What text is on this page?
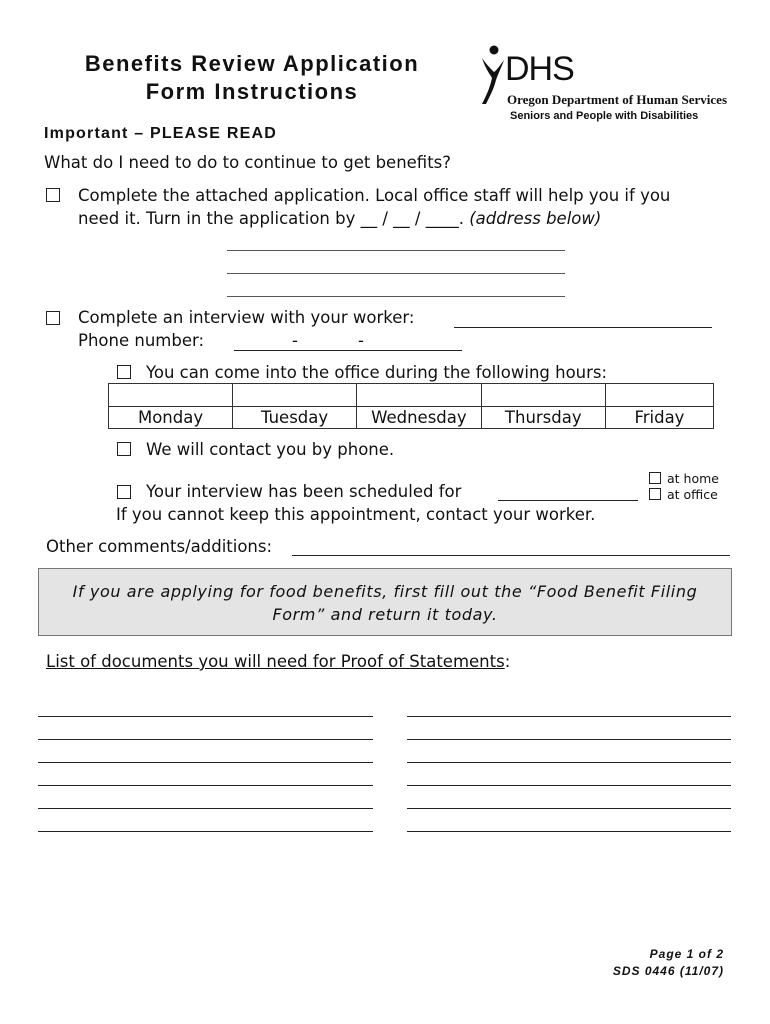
Benefits Review Application
Form Instructions
DHS
Oregon Department of Human Services
Seniors and People with Disabilities
Important – PLEASE READ
What do I need to do to continue to get benefits?
Complete the attached application. Local office staff will help you if you
need it. Turn in the application by __ / __ / ____. (address below)
Complete an interview with your worker:
Phone number:	-	-
You can come into the office during the following hours:

Monday	Tuesday	Wednesday	Thursday	Friday
We will contact you by phone.
Your interview has been scheduled for
at home
at office
If you cannot keep this appointment, contact your worker.
Other comments/additions:
If you are applying for food benefits, first fill out the “Food Benefit Filing
Form” and return it today.
List of documents you will need for Proof of Statements:
Page 1 of 2
SDS 0446 (11/07)
